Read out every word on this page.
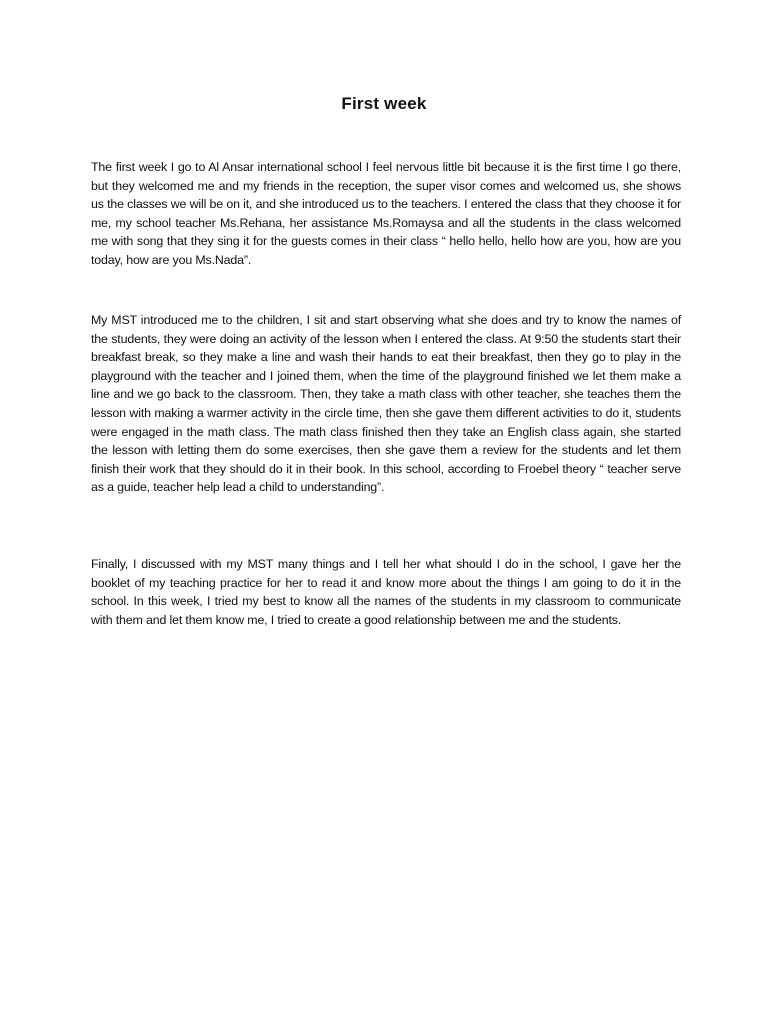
First week

The first week I go to Al Ansar international school I feel nervous little bit because it is the first time I go there, but they welcomed me and my friends in the reception, the super visor comes and welcomed us, she shows us the classes we will be on it, and she introduced us to the teachers. I entered the class that they choose it for me, my school teacher Ms.Rehana, her assistance Ms.Romaysa and all the students in the class welcomed me with song that they sing it for the guests comes in their class “ hello hello, hello how are you, how are you today, how are you Ms.Nada”.

My MST introduced me to the children, I sit and start observing what she does and try to know the names of the students, they were doing an activity of the lesson when I entered the class. At 9:50 the students start their breakfast break, so they make a line and wash their hands to eat their breakfast, then they go to play in the playground with the teacher and I joined them, when the time of the playground finished we let them make a line and we go back to the classroom. Then, they take a math class with other teacher, she teaches them the lesson with making a warmer activity in the circle time, then she gave them different activities to do it, students were engaged in the math class. The math class finished then they take an English class again, she started the lesson with letting them do some exercises, then she gave them a review for the students and let them finish their work that they should do it in their book. In this school, according to Froebel theory “ teacher serve as a guide, teacher help lead a child to understanding”.

Finally, I discussed with my MST many things and I tell her what should I do in the school, I gave her the booklet of my teaching practice for her to read it and know more about the things I am going to do it in the school. In this week, I tried my best to know all the names of the students in my classroom to communicate with them and let them know me, I tried to create a good relationship between me and the students.
